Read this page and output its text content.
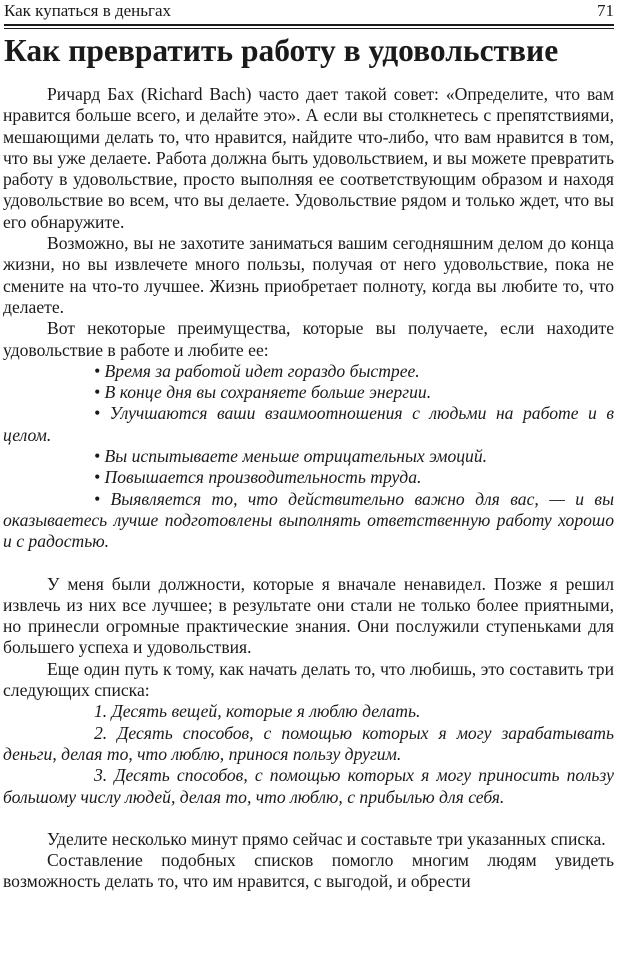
Как купаться в деньгах	71
Как превратить работу в удовольствие

Ричард Бах (Richard Bach) часто дает такой совет: «Определите, что вам нравится больше всего, и делайте это». А если вы столкнетесь с препятствиями, мешающими делать то, что нравится, найдите что-либо, что вам нравится в том, что вы уже делаете. Работа должна быть удовольствием, и вы можете превратить работу в удовольствие, просто выполняя ее соответствующим образом и находя удовольствие во всем, что вы делаете. Удовольствие рядом и только ждет, что вы его обнаружите.

Возможно, вы не захотите заниматься вашим сегодняшним делом до конца жизни, но вы извлечете много пользы, получая от него удовольствие, пока не смените на что-то лучшее. Жизнь приобретает полноту, когда вы любите то, что делаете.

Вот некоторые преимущества, которые вы получаете, если находите удовольствие в работе и любите ее:

• Время за работой идет гораздо быстрее.

• В конце дня вы сохраняете больше энергии.

• Улучшаются ваши взаимоотношения с людьми на работе и в целом.

• Вы испытываете меньше отрицательных эмоций.

• Повышается производительность труда.

• Выявляется то, что действительно важно для вас, — и вы оказываетесь лучше подготовлены выполнять ответственную работу хорошо и с радостью.

У меня были должности, которые я вначале ненавидел. Позже я решил извлечь из них все лучшее; в результате они стали не только более приятными, но принесли огромные практические знания. Они послужили ступеньками для большего успеха и удовольствия.

Еще один путь к тому, как начать делать то, что любишь, это составить три следующих списка:

1. Десять вещей, которые я люблю делать.

2. Десять способов, с помощью которых я могу зарабатывать деньги, делая то, что люблю, принося пользу другим.

3. Десять способов, с помощью которых я могу приносить пользу большому числу людей, делая то, что люблю, с прибылью для себя.

Уделите несколько минут прямо сейчас и составьте три указанных списка.

Составление подобных списков помогло многим людям увидеть возможность делать то, что им нравится, с выгодой, и обрести
